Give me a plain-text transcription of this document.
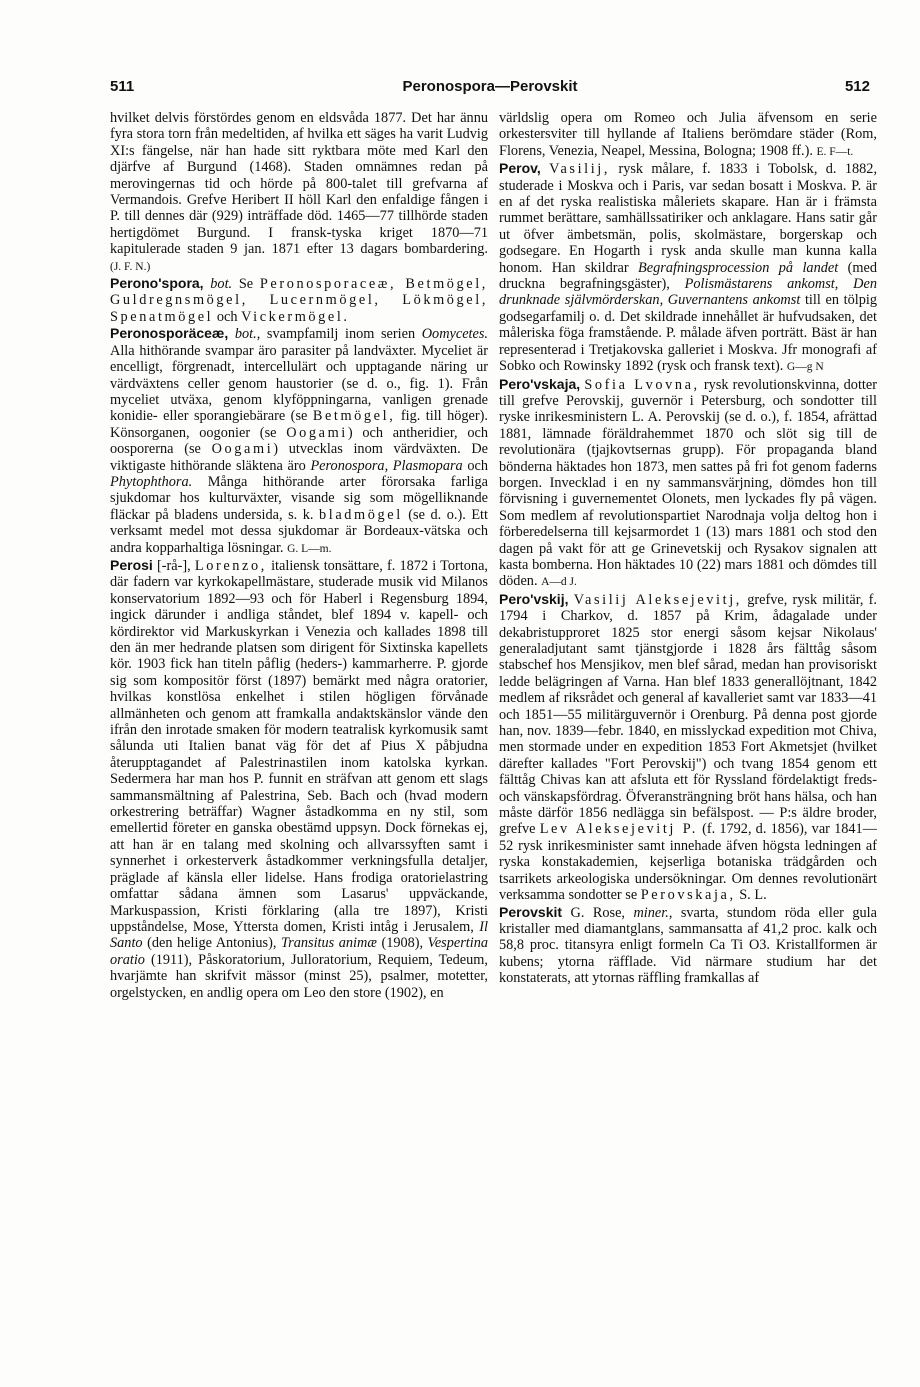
511	Peronospora—Perovskit	512

hvilket delvis förstördes genom en eldsvåda 1877. Det har ännu fyra stora torn från medeltiden, af hvilka ett säges ha varit Ludvig XI:s fängelse, när han hade sitt ryktbara möte med Karl den djärfve af Burgund (1468). Staden omnämnes redan på merovingernas tid och hörde på 800-talet till grefvarna af Vermandois. Grefve Heribert II höll Karl den enfaldige fången i P. till dennes där (929) inträffade död. 1465—77 tillhörde staden hertigdömet Burgund. I fransk-tyska kriget 1870—71 kapitulerade staden 9 jan. 1871 efter 13 dagars bombardering. (J. F. N.)

Perono'spora, bot. Se Peronosporaceæ, Betmögel, Guldregnsmögel, Lucernmögel, Lökmögel, Spenatmögel och Vickermögel.

Peronosporäceæ, bot., svampfamilj inom serien Oomycetes. Alla hithörande svampar äro parasiter på landväxter. Myceliet är encelligt, förgrenadt, intercellulärt och upptagande näring ur värdväxtens celler genom haustorier (se d. o., fig. 1). Från myceliet utväxa, genom klyföppningarna, vanligen grenade konidie- eller sporangiebärare (se Betmögel, fig. till höger). Könsorganen, oogonier (se Oogami) och antheridier, och oosporerna (se Oogami) utvecklas inom värdväxten. De viktigaste hithörande släktena äro Peronospora, Plasmopara och Phytophthora. Många hithörande arter förorsaka farliga sjukdomar hos kulturväxter, visande sig som mögelliknande fläckar på bladens undersida, s. k. bladmögel (se d. o.). Ett verksamt medel mot dessa sjukdomar är Bordeaux-vätska och andra kopparhaltiga lösningar. G. L—m.

Perosi [-rå-], Lorenzo, italiensk tonsättare, f. 1872 i Tortona, där fadern var kyrkokapellmästare, studerade musik vid Milanos konservatorium 1892—93 och för Haberl i Regensburg 1894, ingick därunder i andliga ståndet, blef 1894 v. kapell- och kördirektor vid Markuskyrkan i Venezia och kallades 1898 till den än mer hedrande platsen som dirigent för Sixtinska kapellets kör. 1903 fick han titeln påflig (heders-) kammarherre. P. gjorde sig som kompositör först (1897) bemärkt med några oratorier, hvilkas konstlösa enkelhet i stilen högligen förvånade allmänheten och genom att framkalla andaktskänslor vände den ifrån den inrotade smaken för modern teatralisk kyrkomusik samt sålunda uti Italien banat väg för det af Pius X påbjudna återupptagandet af Palestrinastilen inom katolska kyrkan. Sedermera har man hos P. funnit en sträfvan att genom ett slags sammansmältning af Palestrina, Seb. Bach och (hvad modern orkestrering beträffar) Wagner åstadkomma en ny stil, som emellertid företer en ganska obestämd uppsyn. Dock förnekas ej, att han är en talang med skolning och allvarssyften samt i synnerhet i orkesterverk åstadkommer verkningsfulla detaljer, präglade af känsla eller lidelse. Hans frodiga oratorielastring omfattar sådana ämnen som Lasarus' uppväckande, Markuspassion, Kristi förklaring (alla tre 1897), Kristi uppståndelse, Mose, Yttersta domen, Kristi intåg i Jerusalem, Il Santo (den helige Antonius), Transitus animæ (1908), Vespertina oratio (1911), Påskoratorium, Julloratorium, Requiem, Tedeum, hvarjämte han skrifvit mässor (minst 25), psalmer, motetter, orgelstycken, en andlig opera om Leo den store (1902), en

världslig opera om Romeo och Julia äfvensom en serie orkestersviter till hyllande af Italiens berömdare städer (Rom, Florens, Venezia, Neapel, Messina, Bologna; 1908 ff.). E. F—t.

Perov, Vasilij, rysk målare, f. 1833 i Tobolsk, d. 1882, studerade i Moskva och i Paris, var sedan bosatt i Moskva. P. är en af det ryska realistiska måleriets skapare. Han är i främsta rummet berättare, samhällssatiriker och anklagare. Hans satir går ut öfver ämbetsmän, polis, skolmästare, borgerskap och godsegare. En Hogarth i rysk anda skulle man kunna kalla honom. Han skildrar Begrafningsprocession på landet (med druckna begrafningsgäster), Polismästarens ankomst, Den drunknade självmörderskan, Guvernantens ankomst till en tölpig godsegarfamilj o. d. Det skildrade innehållet är hufvudsaken, det måleriska föga framstående. P. målade äfven porträtt. Bäst är han representerad i Tretjakovska galleriet i Moskva. Jfr monografi af Sobko och Rowinsky 1892 (rysk och fransk text). G—g N

Pero'vskaja, Sofia Lvovna, rysk revolutionskvinna, dotter till grefve Perovskij, guvernör i Petersburg, och sondotter till ryske inrikesministern L. A. Perovskij (se d. o.), f. 1854, afrättad 1881, lämnade föräldrahemmet 1870 och slöt sig till de revolutionära (tjajkovtsernas grupp). För propaganda bland bönderna häktades hon 1873, men sattes på fri fot genom faderns borgen. Invecklad i en ny sammansvärjning, dömdes hon till förvisning i guvernementet Olonets, men lyckades fly på vägen. Som medlem af revolutionspartiet Narodnaja volja deltog hon i förberedelserna till kejsarmordet 1 (13) mars 1881 och stod den dagen på vakt för att ge Grinevetskij och Rysakov signalen att kasta bomberna. Hon häktades 10 (22) mars 1881 och dömdes till döden. A—d J.

Pero'vskij, Vasilij Aleksejevitj, grefve, rysk militär, f. 1794 i Charkov, d. 1857 på Krim, ådagalade under dekabristupproret 1825 stor energi såsom kejsar Nikolaus' generaladjutant samt tjänstgjorde i 1828 års fälttåg såsom stabschef hos Mensjikov, men blef sårad, medan han provisoriskt ledde belägringen af Varna. Han blef 1833 generallöjtnant, 1842 medlem af riksrådet och general af kavalleriet samt var 1833—41 och 1851—55 militärguvernör i Orenburg. På denna post gjorde han, nov. 1839—febr. 1840, en misslyckad expedition mot Chiva, men stormade under en expedition 1853 Fort Akmetsjet (hvilket därefter kallades "Fort Perovskij") och tvang 1854 genom ett fälttåg Chivas kan att afsluta ett för Ryssland fördelaktigt freds- och vänskapsfördrag. Öfveransträngning bröt hans hälsa, och han måste därför 1856 nedlägga sin befälspost. — P:s äldre broder, grefve Lev Aleksejevitj P. (f. 1792, d. 1856), var 1841—52 rysk inrikesminister samt innehade äfven högsta ledningen af ryska konstakademien, kejserliga botaniska trädgården och tsarrikets arkeologiska undersökningar. Om dennes revolutionärt verksamma sondotter se Perovskaja, S. L.

Perovskit G. Rose, miner., svarta, stundom röda eller gula kristaller med diamantglans, sammansatta af 41,2 proc. kalk och 58,8 proc. titansyra enligt formeln Ca Ti O3. Kristallformen är kubens; ytorna räfflade. Vid närmare studium har det konstaterats, att ytornas räffling framkallas af
